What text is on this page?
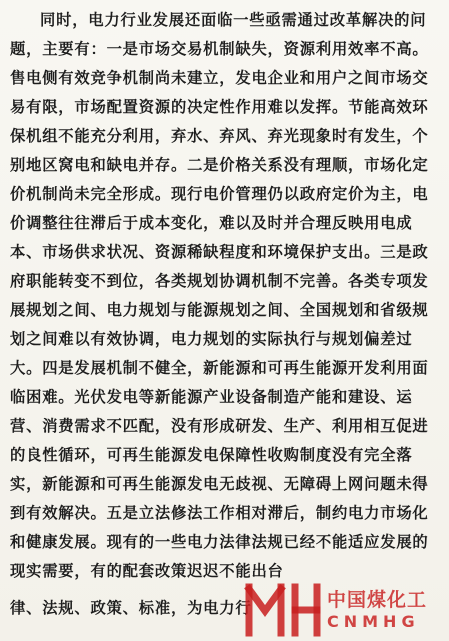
同时，电力行业发展还面临一些亟需通过改革解决的问
题，主要有：一是市场交易机制缺失，资源利用效率不高。
售电侧有效竞争机制尚未建立，发电企业和用户之间市场交
易有限，市场配置资源的决定性作用难以发挥。节能高效环
保机组不能充分利用，弃水、弃风、弃光现象时有发生，个
别地区窝电和缺电并存。二是价格关系没有理顺，市场化定
价机制尚未完全形成。现行电价管理仍以政府定价为主，电
价调整往往滞后于成本变化，难以及时并合理反映用电成
本、市场供求状况、资源稀缺程度和环境保护支出。三是政
府职能转变不到位，各类规划协调机制不完善。各类专项发
展规划之间、电力规划与能源规划之间、全国规划和省级规
划之间难以有效协调，电力规划的实际执行与规划偏差过
大。四是发展机制不健全，新能源和可再生能源开发利用面
临困难。光伏发电等新能源产业设备制造产能和建设、运
营、消费需求不匹配，没有形成研发、生产、利用相互促进
的良性循环，可再生能源发电保障性收购制度没有完全落
实，新能源和可再生能源发电无歧视、无障碍上网问题未得
到有效解决。五是立法修法工作相对滞后，制约电力市场化
和健康发展。现有的一些电力法律法规已经不能适应发展的
现实需要，有的配套改策迟迟不能出台
律、法规、政策、标准，为电力行	中国煤化工
CNMHG
